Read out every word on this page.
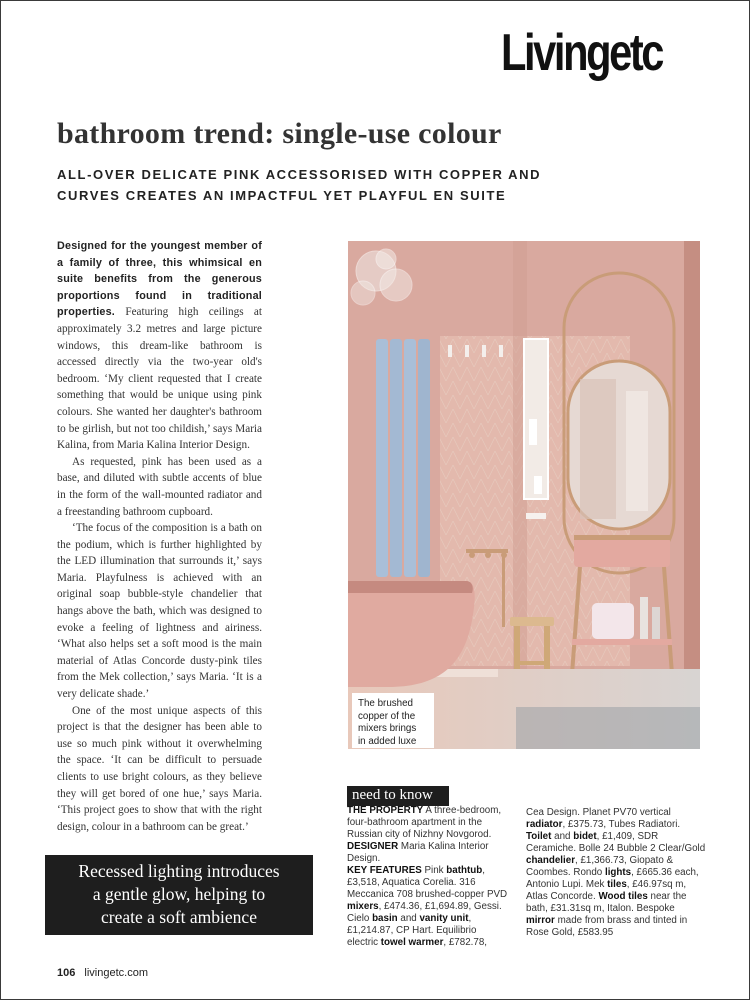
Livingetc
bathroom trend: single-use colour
ALL-OVER DELICATE PINK ACCESSORISED WITH COPPER AND
CURVES CREATES AN IMPACTFUL YET PLAYFUL EN SUITE

Designed for the youngest member of a family of three, this whimsical en suite benefits from the generous proportions found in traditional properties. Featuring high ceilings at approximately 3.2 metres and large picture windows, this dream-like bathroom is accessed directly via the two-year old's bedroom. ‘My client requested that I create something that would be unique using pink colours. She wanted her daughter's bathroom to be girlish, but not too childish,’ says Maria Kalina, from Maria Kalina Interior Design.

As requested, pink has been used as a base, and diluted with subtle accents of blue in the form of the wall-mounted radiator and a freestanding bathroom cupboard.

‘The focus of the composition is a bath on the podium, which is further highlighted by the LED illumination that surrounds it,’ says Maria. Playfulness is achieved with an original soap bubble-style chandelier that hangs above the bath, which was designed to evoke a feeling of lightness and airiness. ‘What also helps set a soft mood is the main material of Atlas Concorde dusty-pink tiles from the Mek collection,’ says Maria. ‘It is a very delicate shade.’

One of the most unique aspects of this project is that the designer has been able to use so much pink without it overwhelming the space. ‘It can be difficult to persuade clients to use bright colours, as they believe they will get bored of one hue,’ says Maria. ‘This project goes to show that with the right design, colour in a bathroom can be great.’

Recessed lighting introduces
a gentle glow, helping to
create a soft ambience
The brushed
copper of the
mixers brings
in added luxe
need to know
THE PROPERTY A three-bedroom, four-bathroom apartment in the Russian city of Nizhny Novgorod.
DESIGNER Maria Kalina Interior Design.
KEY FEATURES Pink bathtub, £3,518, Aquatica Corelia. 316 Meccanica 708 brushed-copper PVD mixers, £474.36, £1,694.89, Gessi. Cielo basin and vanity unit, £1,214.87, CP Hart. Equilibrio electric towel warmer, £782.78,
Cea Design. Planet PV70 vertical radiator, £375.73, Tubes Radiatori. Toilet and bidet, £1,409, SDR Ceramiche. Bolle 24 Bubble 2 Clear/Gold chandelier, £1,366.73, Giopato & Coombes. Rondo lights, £665.36 each, Antonio Lupi. Mek tiles, £46.97sq m, Atlas Concorde. Wood tiles near the bath, £31.31sq m, Italon. Bespoke mirror made from brass and tinted in Rose Gold, £583.95
106 livingetc.com
